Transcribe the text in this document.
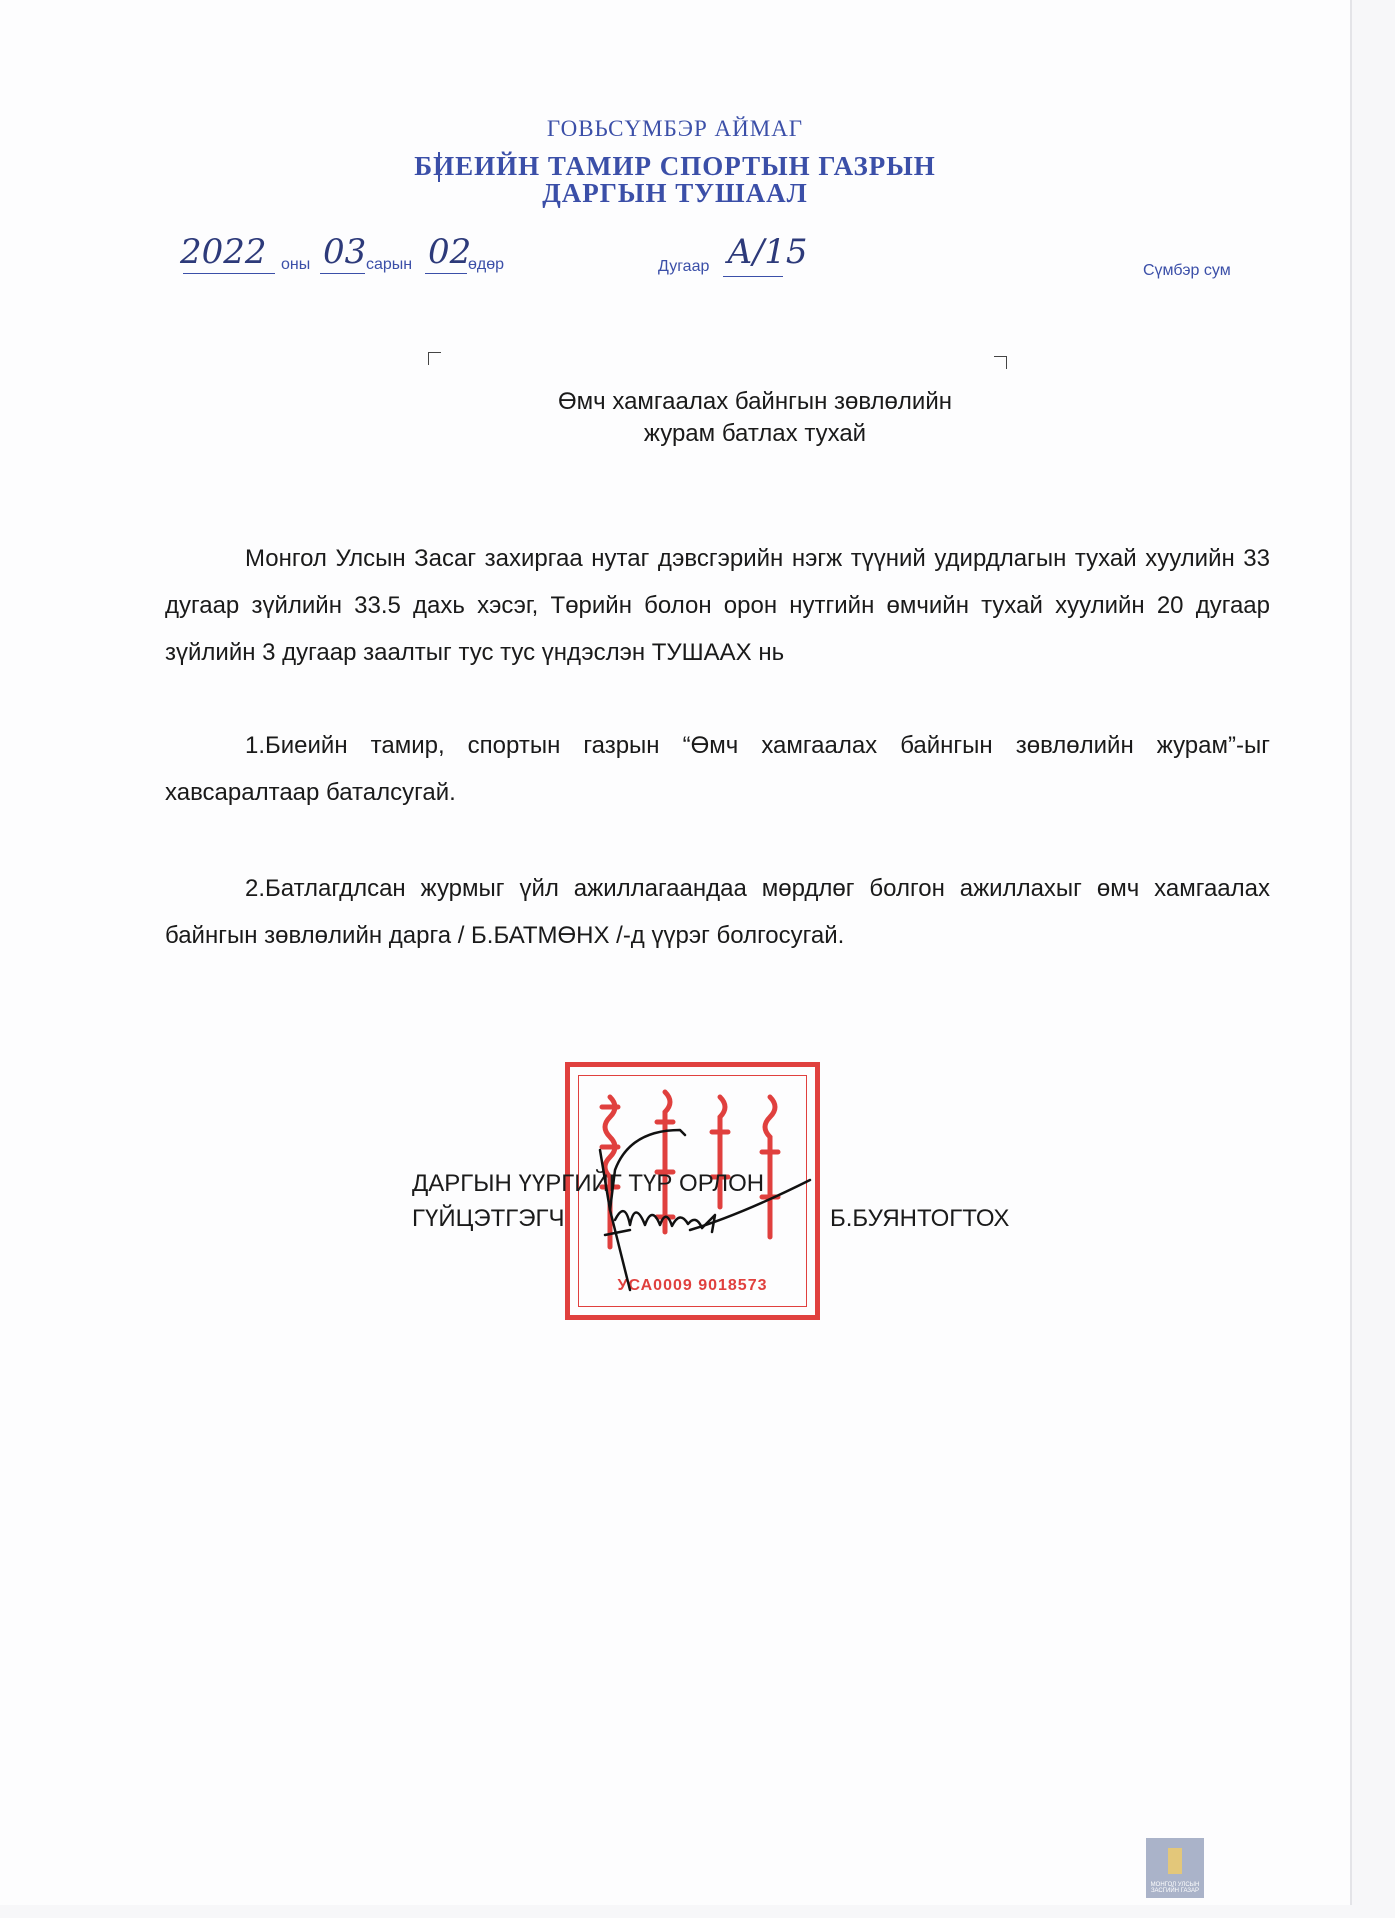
ГОВЬСҮМБЭР АЙМАГ
БИЕИЙН ТАМИР СПОРТЫН ГАЗРЫН
ДАРГЫН ТУШААЛ
2022 оны 03 сарын 02
өдөр	Дугаар А/15	Сүмбэр сум
Өмч хамгаалах байнгын зөвлөлийн
журам батлах тухай
Монгол Улсын Засаг захиргаа нутаг дэвсгэрийн нэгж түүний удирдлагын тухай хуулийн 33 дугаар зүйлийн 33.5 дахь хэсэг, Төрийн болон орон нутгийн өмчийн тухай хуулийн 20 дугаар зүйлийн 3 дугаар заалтыг тус тус үндэслэн ТУШААХ нь
1.Биеийн тамир, спортын газрын “Өмч хамгаалах байнгын зөвлөлийн журам”-ыг хавсаралтаар баталсугай.
2.Батлагдлсан журмыг үйл ажиллагаандаа мөрдлөг болгон ажиллахыг өмч хамгаалах байнгын зөвлөлийн дарга / Б.БАТМӨНХ /-д үүрэг болгосугай.
УСА0009 9018573
ДАРГЫН ҮҮРГИЙГ ТҮР ОРЛОН
ГҮЙЦЭТГЭГЧ	Б.БУЯНТОГТОХ
МОНГОЛ УЛСЫН ЗАСГИЙН ГАЗАР
